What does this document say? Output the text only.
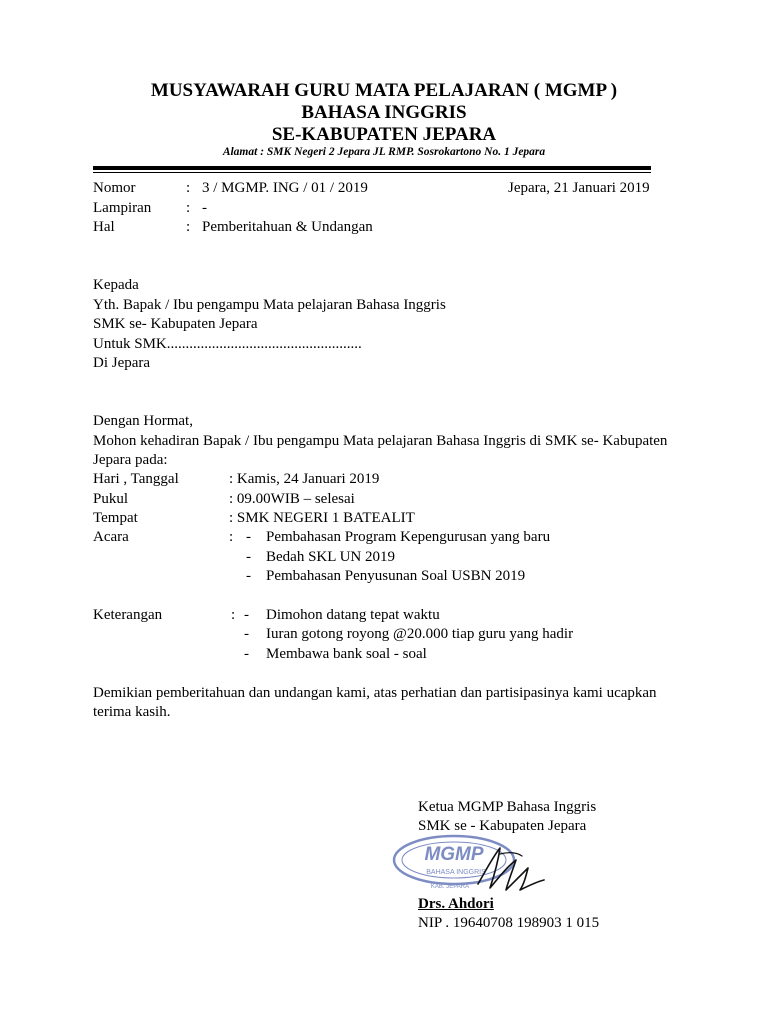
MUSYAWARAH GURU MATA PELAJARAN ( MGMP )
BAHASA INGGRIS
SE-KABUPATEN JEPARA
Alamat : SMK Negeri 2 Jepara JL RMP. Sosrokartono No. 1 Jepara
Nomor	: 3 / MGMP. ING / 01 / 2019	Jepara, 21 Januari 2019
Lampiran : -
Hal	: Pemberitahuan & Undangan
Kepada
Yth. Bapak / Ibu pengampu Mata pelajaran Bahasa Inggris
SMK se- Kabupaten Jepara
Untuk SMK....................................................
Di Jepara
Dengan Hormat,
Mohon kehadiran Bapak / Ibu pengampu Mata pelajaran Bahasa Inggris di SMK se- Kabupaten
Jepara pada:
Hari , Tanggal	: Kamis, 24 Januari 2019
Pukul	: 09.00WIB – selesai
Tempat	: SMK NEGERI 1 BATEALIT
Acara	: - Pembahasan Program Kepengurusan yang baru
- Bedah SKL UN 2019
- Pembahasan Penyusunan Soal USBN 2019
Keterangan	: - Dimohon datang tepat waktu
- Iuran gotong royong @20.000 tiap guru yang hadir
- Membawa bank soal - soal
Demikian pemberitahuan dan undangan kami, atas perhatian dan partisipasinya kami ucapkan
terima kasih.
Ketua MGMP Bahasa Inggris
SMK se - Kabupaten Jepara
MGMP
BAHASA INGGRIS
KAB. JEPARA
Drs. Ahdori
NIP . 19640708 198903 1 015
